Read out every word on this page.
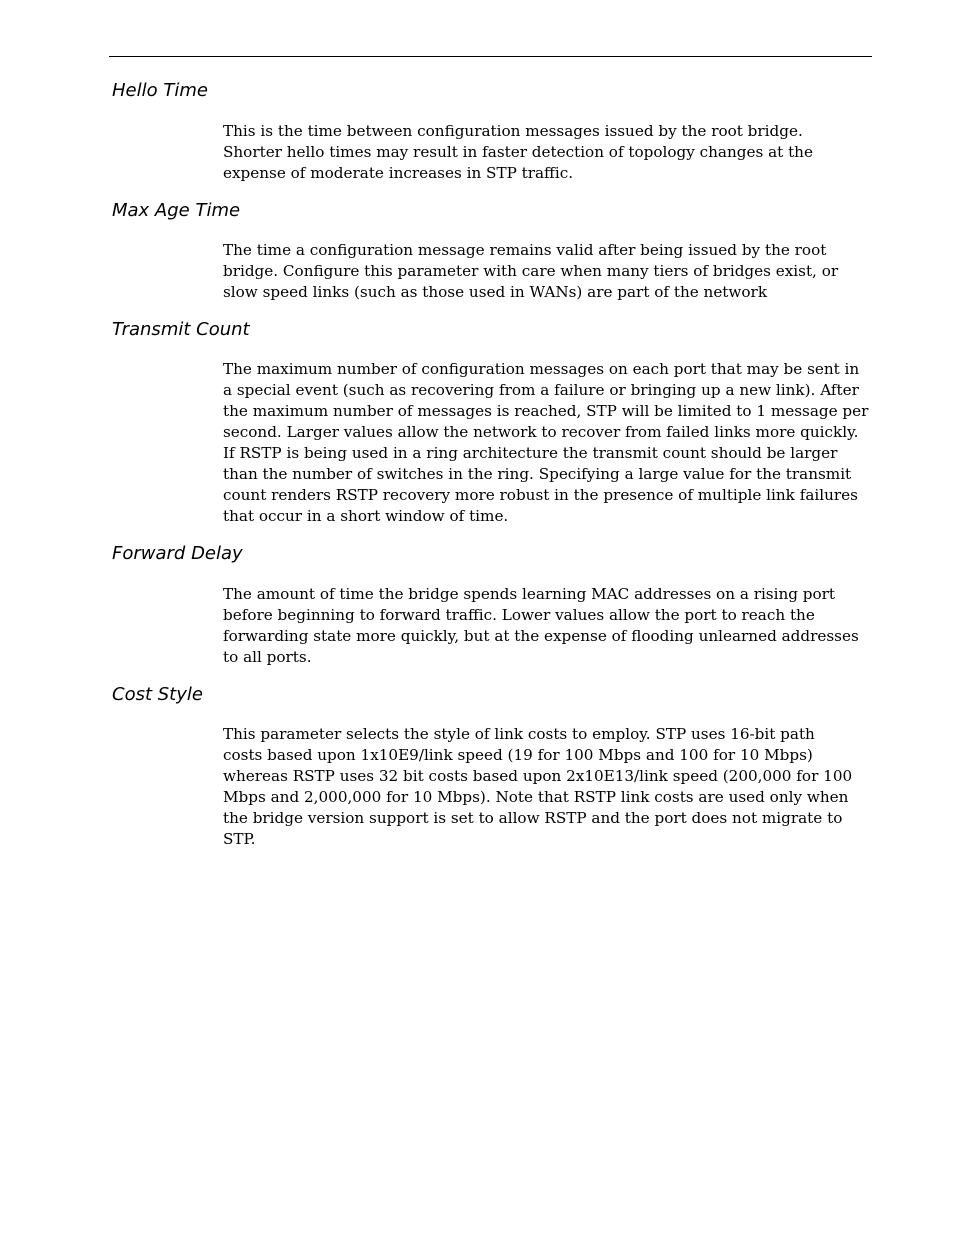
Hello Time
This is the time between configuration messages issued by the root bridge.
Shorter hello times may result in faster detection of topology changes at the
expense of moderate increases in STP traffic.
Max Age Time
The time a configuration message remains valid after being issued by the root
bridge. Configure this parameter with care when many tiers of bridges exist, or
slow speed links (such as those used in WANs) are part of the network
Transmit Count
The maximum number of configuration messages on each port that may be sent in
a special event (such as recovering from a failure or bringing up a new link). After
the maximum number of messages is reached, STP will be limited to 1 message per
second. Larger values allow the network to recover from failed links more quickly.
If RSTP is being used in a ring architecture the transmit count should be larger
than the number of switches in the ring. Specifying a large value for the transmit
count renders RSTP recovery more robust in the presence of multiple link failures
that occur in a short window of time.
Forward Delay
The amount of time the bridge spends learning MAC addresses on a rising port
before beginning to forward traffic. Lower values allow the port to reach the
forwarding state more quickly, but at the expense of flooding unlearned addresses
to all ports.
Cost Style
This parameter selects the style of link costs to employ. STP uses 16-bit path
costs based upon 1x10E9/link speed (19 for 100 Mbps and 100 for 10 Mbps)
whereas RSTP uses 32 bit costs based upon 2x10E13/link speed (200,000 for 100
Mbps and 2,000,000 for 10 Mbps). Note that RSTP link costs are used only when
the bridge version support is set to allow RSTP and the port does not migrate to
STP.
